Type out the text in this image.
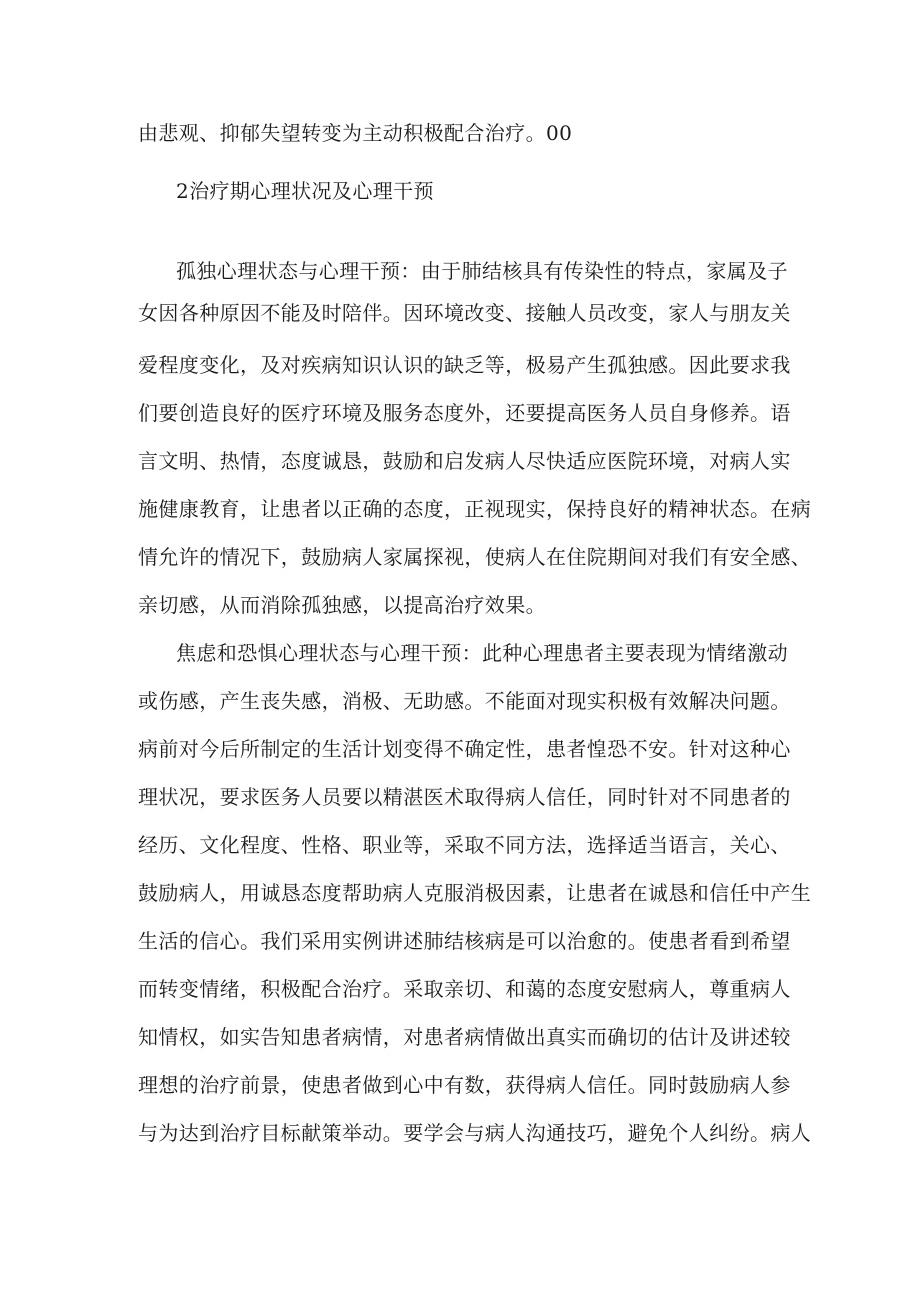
由悲观、抑郁失望转变为主动积极配合治疗。00
2治疗期心理状况及心理干预
孤独心理状态与心理干预：由于肺结核具有传染性的特点，家属及子
女因各种原因不能及时陪伴。因环境改变、接触人员改变，家人与朋友关
爱程度变化，及对疾病知识认识的缺乏等，极易产生孤独感。因此要求我
们要创造良好的医疗环境及服务态度外，还要提高医务人员自身修养。语
言文明、热情，态度诚恳，鼓励和启发病人尽快适应医院环境，对病人实
施健康教育，让患者以正确的态度，正视现实，保持良好的精神状态。在病
情允许的情况下，鼓励病人家属探视，使病人在住院期间对我们有安全感、
亲切感，从而消除孤独感，以提高治疗效果。
焦虑和恐惧心理状态与心理干预：此种心理患者主要表现为情绪激动
或伤感，产生丧失感，消极、无助感。不能面对现实积极有效解决问题。
病前对今后所制定的生活计划变得不确定性，患者惶恐不安。针对这种心
理状况，要求医务人员要以精湛医术取得病人信任，同时针对不同患者的
经历、文化程度、性格、职业等，采取不同方法，选择适当语言，关心、
鼓励病人，用诚恳态度帮助病人克服消极因素，让患者在诚恳和信任中产生
生活的信心。我们采用实例讲述肺结核病是可以治愈的。使患者看到希望
而转变情绪，积极配合治疗。采取亲切、和蔼的态度安慰病人，尊重病人
知情权，如实告知患者病情，对患者病情做出真实而确切的估计及讲述较
理想的治疗前景，使患者做到心中有数，获得病人信任。同时鼓励病人参
与为达到治疗目标献策举动。要学会与病人沟通技巧，避免个人纠纷。病人
